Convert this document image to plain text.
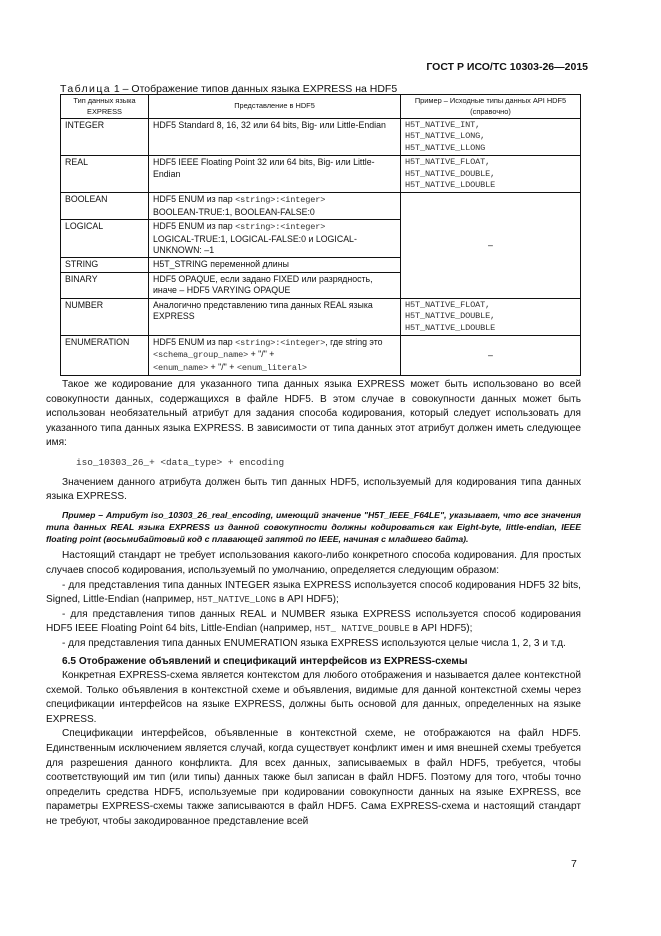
ГОСТ Р ИСО/ТС 10303-26—2015
Таблица 1 – Отображение типов данных языка EXPRESS на HDF5
Тип данных языка EXPRESS	Представление в HDF5	Пример – Исходные типы данных API HDF5 (справочно)
INTEGER	HDF5 Standard 8, 16, 32 или 64 bits, Big- или Little-Endian	H5T_NATIVE_INT,
H5T_NATIVE_LONG,
H5T_NATIVE_LLONG

REAL	HDF5 IEEE Floating Point 32 или 64 bits, Big- или Little-Endian	H5T_NATIVE_FLOAT,
H5T_NATIVE_DOUBLE,
H5T_NATIVE_LDOUBLE

BOOLEAN	HDF5 ENUM из пар <string>:<integer>
BOOLEAN-TRUE:1, BOOLEAN-FALSE:0	–
LOGICAL	HDF5 ENUM из пар <string>:<integer>
LOGICAL-TRUE:1, LOGICAL-FALSE:0 и LOGICAL-UNKNOWN: –1	
STRING	H5T_STRING переменной длины	
BINARY	HDF5 OPAQUE, если задано FIXED или разрядность, иначе – HDF5 VARYING OPAQUE	
NUMBER	Аналогично представлению типа данных REAL языка EXPRESS	H5T_NATIVE_FLOAT,
H5T_NATIVE_DOUBLE,
H5T_NATIVE_LDOUBLE

ENUMERATION	HDF5 ENUM из пар <string>:<integer>, где string это <schema_group_name> + "/" +
<enum_name> + "/" + <enum_literal>	–

Такое же кодирование для указанного типа данных языка EXPRESS может быть использовано во всей совокупности данных, содержащихся в файле HDF5. В этом случае в совокупности данных может быть использован необязательный атрибут для задания способа кодирования, который следует использовать для указанного типа данных языка EXPRESS. В зависимости от типа данных этот атрибут должен иметь следующее имя:

iso_10303_26_+ <data_type> + encoding

Значением данного атрибута должен быть тип данных HDF5, используемый для кодирования типа данных языка EXPRESS.

Пример – Атрибут iso_10303_26_real_encoding, имеющий значение "H5T_IEEE_F64LE", указывает, что все значения типа данных REAL языка EXPRESS из данной совокупности должны кодироваться как Eight-byte, little-endian, IEEE floating point (восьмибайтовый код с плавающей запятой по IEEE, начиная с младшего байта).

Настоящий стандарт не требует использования какого-либо конкретного способа кодирования. Для простых случаев способ кодирования, используемый по умолчанию, определяется следующим образом:

- для представления типа данных INTEGER языка EXPRESS используется способ кодирования HDF5 32 bits, Signed, Little-Endian (например, H5T_NATIVE_LONG в API HDF5);

- для представления типов данных REAL и NUMBER языка EXPRESS используется способ кодирования HDF5 IEEE Floating Point 64 bits, Little-Endian (например, H5T_ NATIVE_DOUBLE в API HDF5);

- для представления типа данных ENUMERATION языка EXPRESS используются целые числа 1, 2, 3 и т.д.

6.5 Отображение объявлений и спецификаций интерфейсов из EXPRESS-схемы

Конкретная EXPRESS-схема является контекстом для любого отображения и называется далее контекстной схемой. Только объявления в контекстной схеме и объявления, видимые для данной контекстной схемы через спецификации интерфейсов на языке EXPRESS, должны быть основой для данных, определенных на языке EXPRESS.

Спецификации интерфейсов, объявленные в контекстной схеме, не отображаются на файл HDF5. Единственным исключением является случай, когда существует конфликт имен и имя внешней схемы требуется для разрешения данного конфликта. Для всех данных, записываемых в файл HDF5, требуется, чтобы соответствующий им тип (или типы) данных также был записан в файл HDF5. Поэтому для того, чтобы точно определить средства HDF5, используемые при кодировании совокупности данных на языке EXPRESS, все параметры EXPRESS-схемы также записываются в файл HDF5. Сама EXPRESS-схема и настоящий стандарт не требуют, чтобы закодированное представление всей

7
